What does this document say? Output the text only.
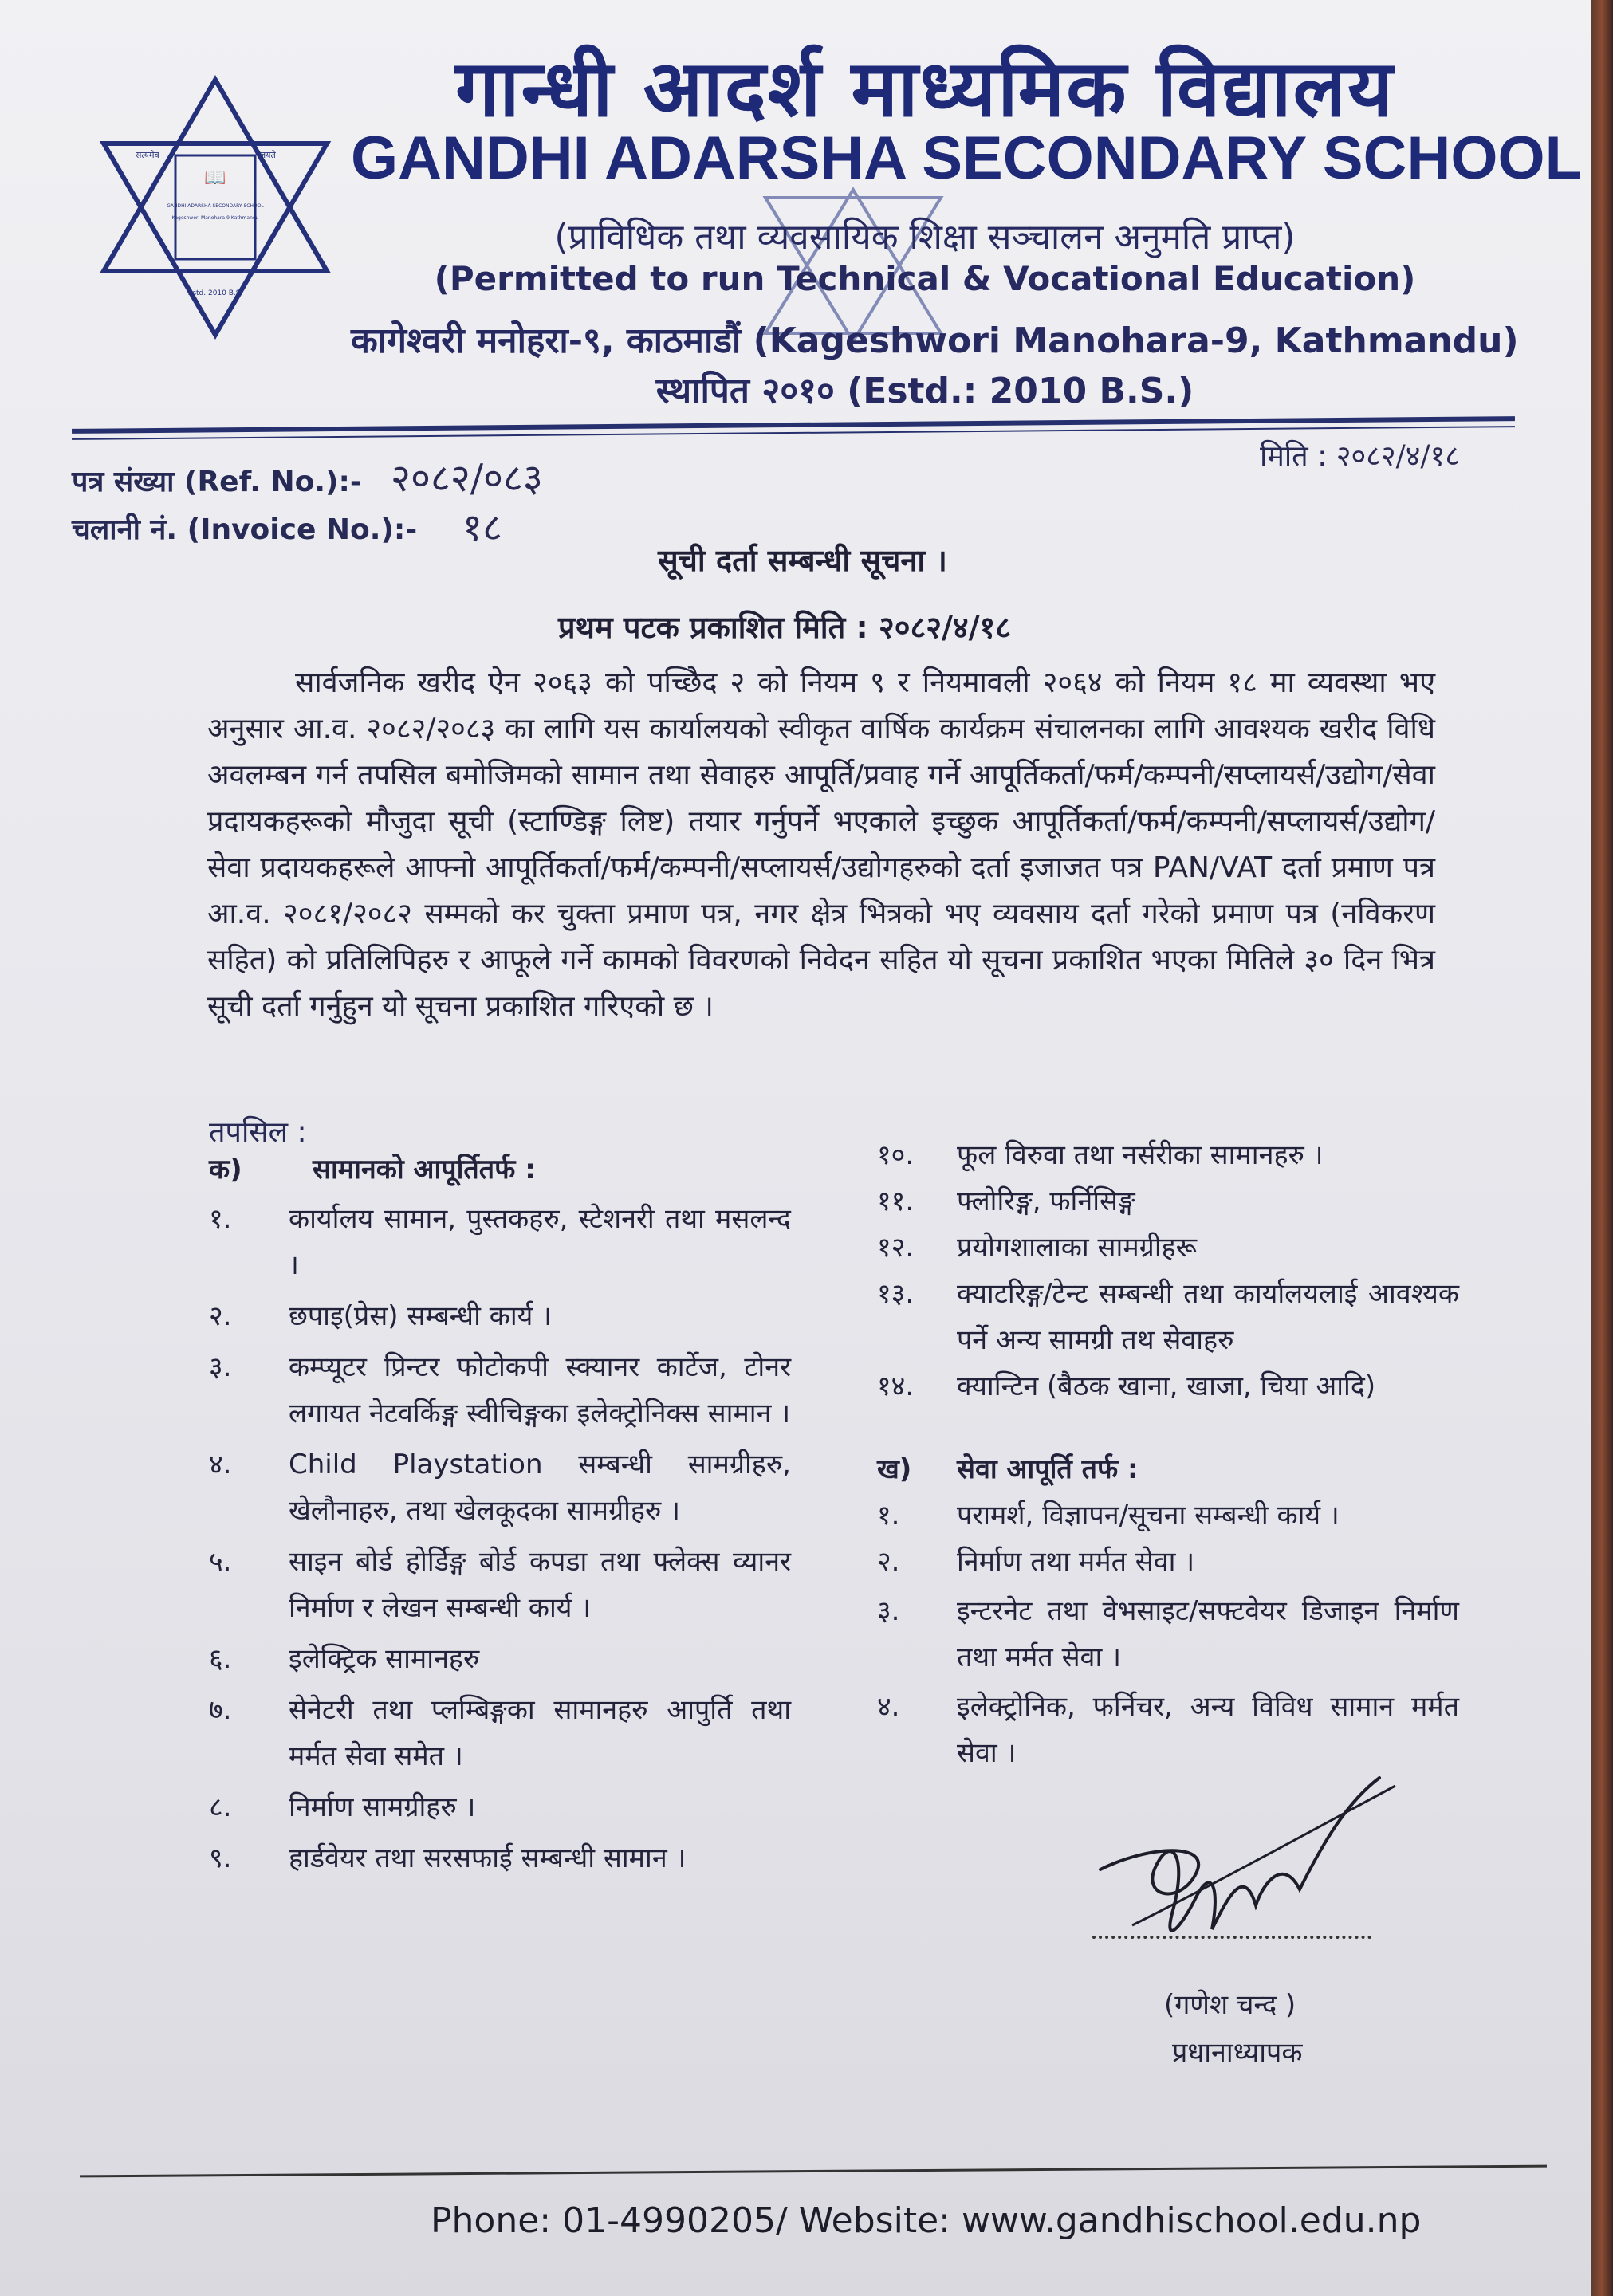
📖
सत्यमेव	जयते
GANDHI ADARSHA SECONDARY SCHOOL
Kageshwori Manohara-9 Kathmandu
Estd. 2010 B.S.
गान्धी आदर्श माध्यमिक विद्यालय
GANDHI ADARSHA SECONDARY SCHOOL
(प्राविधिक तथा व्यवसायिक शिक्षा सञ्चालन अनुमति प्राप्त)
(Permitted to run Technical & Vocational Education)
कागेश्वरी मनोहरा-९, काठमाडौं (Kageshwori Manohara-9, Kathmandu)
स्थापित २०१० (Estd.: 2010 B.S.)
मिति : २०८२/४/१८
पत्र संख्या (Ref. No.):- २०८२/०८३
चलानी नं. (Invoice No.):- १८
सूची दर्ता सम्बन्धी सूचना ।
प्रथम पटक प्रकाशित मिति : २०८२/४/१८
सार्वजनिक खरीद ऐन २०६३ को पच्छिेद २ को नियम ९ र नियमावली २०६४ को नियम १८ मा व्यवस्था भए अनुसार आ.व. २०८२/२०८३ का लागि यस कार्यालयको स्वीकृत वार्षिक कार्यक्रम संचालनका लागि आवश्यक खरीद विधि अवलम्बन गर्न तपसिल बमोजिमको सामान तथा सेवाहरु आपूर्ति/प्रवाह गर्ने आपूर्तिकर्ता/फर्म/कम्पनी/सप्लायर्स/उद्योग/सेवा प्रदायकहरूको मौजुदा सूची (स्टाण्डिङ्ग लिष्ट) तयार गर्नुपर्ने भएकाले इच्छुक आपूर्तिकर्ता/फर्म/कम्पनी/सप्लायर्स/उद्योग/सेवा प्रदायकहरूले आफ्नो आपूर्तिकर्ता/फर्म/कम्पनी/सप्लायर्स/उद्योगहरुको दर्ता इजाजत पत्र PAN/VAT दर्ता प्रमाण पत्र आ.व. २०८१/२०८२ सम्मको कर चुक्ता प्रमाण पत्र, नगर क्षेत्र भित्रको भए व्यवसाय दर्ता गरेको प्रमाण पत्र (नविकरण सहित) को प्रतिलिपिहरु र आफूले गर्ने कामको विवरणको निवेदन सहित यो सूचना प्रकाशित भएका मितिले ३० दिन भित्र सूची दर्ता गर्नुहुन यो सूचना प्रकाशित गरिएको छ ।
तपसिल :
क)	सामानको आपूर्तितर्फ :
१.	कार्यालय सामान, पुस्तकहरु, स्टेशनरी तथा मसलन्द ।
२.	छपाइ(प्रेस) सम्बन्धी कार्य ।
३.	कम्प्यूटर प्रिन्टर फोटोकपी स्क्यानर कार्टेज, टोनर लगायत नेटवर्किङ्ग स्वीचिङ्गका इलेक्ट्रोनिक्स सामान ।
४.	Child Playstation सम्बन्धी सामग्रीहरु, खेलौनाहरु, तथा खेलकूदका सामग्रीहरु ।
५.	साइन बोर्ड होर्डिङ्ग बोर्ड कपडा तथा फ्लेक्स व्यानर निर्माण र लेखन सम्बन्धी कार्य ।
६.	इलेक्ट्रिक सामानहरु
७.	सेनेटरी तथा प्लम्बिङ्गका सामानहरु आपुर्ति तथा मर्मत सेवा समेत ।
८.	निर्माण सामग्रीहरु ।
९.	हार्डवेयर तथा सरसफाई सम्बन्धी सामान ।
१०.	फूल विरुवा तथा नर्सरीका सामानहरु ।
११.	फ्लोरिङ्ग, फर्निसिङ्ग
१२.	प्रयोगशालाका सामग्रीहरू
१३.	क्याटरिङ्ग/टेन्ट सम्बन्धी तथा कार्यालयलाई आवश्यक पर्ने अन्य सामग्री तथ सेवाहरु
१४.	क्यान्टिन (बैठक खाना, खाजा, चिया आदि)
ख)	सेवा आपूर्ति तर्फ :
१.	परामर्श, विज्ञापन/सूचना सम्बन्धी कार्य ।
२.	निर्माण तथा मर्मत सेवा ।
३.	इन्टरनेट तथा वेभसाइट/सफ्टवेयर डिजाइन निर्माण तथा मर्मत सेवा ।
४.	इलेक्ट्रोनिक, फर्निचर, अन्य विविध सामान मर्मत सेवा ।
(गणेश चन्द )
प्रधानाध्यापक
Phone: 01-4990205/ Website: www.gandhischool.edu.np
